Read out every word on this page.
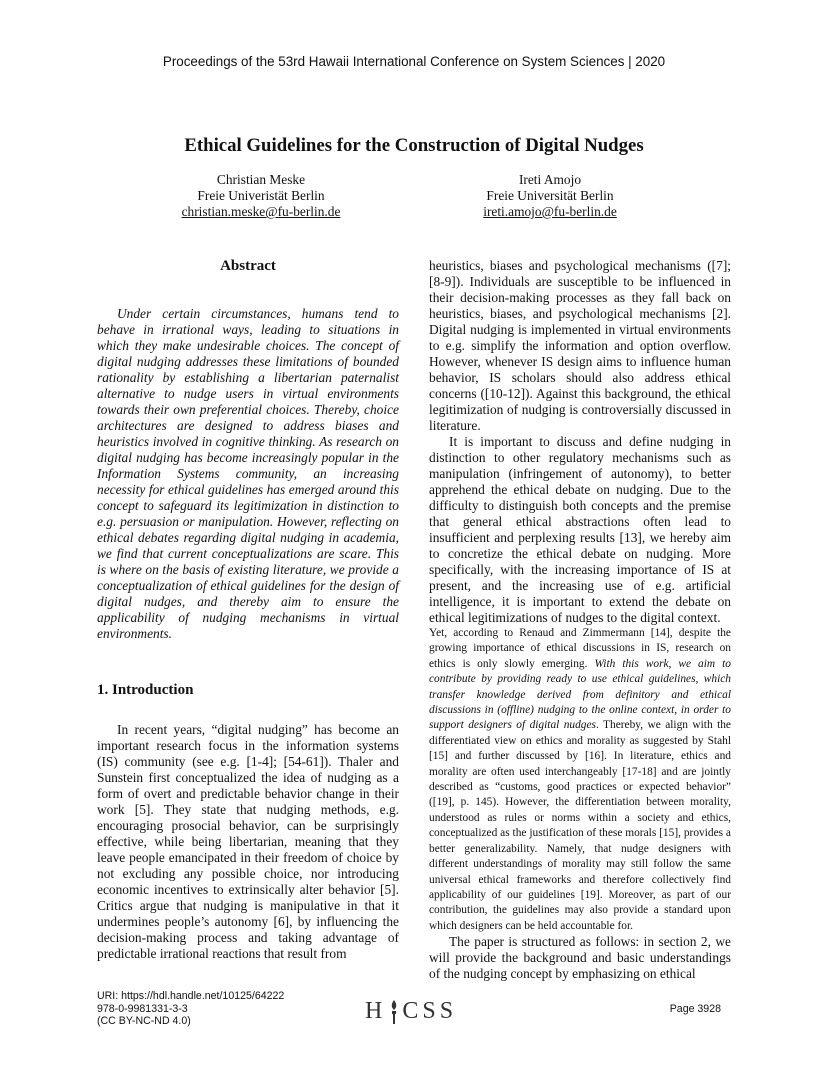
Proceedings of the 53rd Hawaii International Conference on System Sciences | 2020
Ethical Guidelines for the Construction of Digital Nudges
Christian Meske
Freie Univeristät Berlin
christian.meske@fu-berlin.de
Ireti Amojo
Freie Universität Berlin
ireti.amojo@fu-berlin.de
Abstract

Under certain circumstances, humans tend to behave in irrational ways, leading to situations in which they make undesirable choices. The concept of digital nudging addresses these limitations of bounded rationality by establishing a libertarian paternalist alternative to nudge users in virtual environments towards their own preferential choices. Thereby, choice architectures are designed to address biases and heuristics involved in cognitive thinking. As research on digital nudging has become increasingly popular in the Information Systems community, an increasing necessity for ethical guidelines has emerged around this concept to safeguard its legitimization in distinction to e.g. persuasion or manipulation. However, reflecting on ethical debates regarding digital nudging in academia, we find that current conceptualizations are scare. This is where on the basis of existing literature, we provide a conceptualization of ethical guidelines for the design of digital nudges, and thereby aim to ensure the applicability of nudging mechanisms in virtual environments.

1. Introduction

In recent years, “digital nudging” has become an important research focus in the information systems (IS) community (see e.g. [1-4]; [54-61]). Thaler and Sunstein first conceptualized the idea of nudging as a form of overt and predictable behavior change in their work [5]. They state that nudging methods, e.g. encouraging prosocial behavior, can be surprisingly effective, while being libertarian, meaning that they leave people emancipated in their freedom of choice by not excluding any possible choice, nor introducing economic incentives to extrinsically alter behavior [5]. Critics argue that nudging is manipulative in that it undermines people’s autonomy [6], by influencing the decision-making process and taking advantage of predictable irrational reactions that result from

heuristics, biases and psychological mechanisms ([7]; [8-9]). Individuals are susceptible to be influenced in their decision-making processes as they fall back on heuristics, biases, and psychological mechanisms [2]. Digital nudging is implemented in virtual environments to e.g. simplify the information and option overflow. However, whenever IS design aims to influence human behavior, IS scholars should also address ethical concerns ([10-12]). Against this background, the ethical legitimization of nudging is controversially discussed in literature.

It is important to discuss and define nudging in distinction to other regulatory mechanisms such as manipulation (infringement of autonomy), to better apprehend the ethical debate on nudging. Due to the difficulty to distinguish both concepts and the premise that general ethical abstractions often lead to insufficient and perplexing results [13], we hereby aim to concretize the ethical debate on nudging. More specifically, with the increasing importance of IS at present, and the increasing use of e.g. artificial intelligence, it is important to extend the debate on ethical legitimizations of nudges to the digital context.

Yet, according to Renaud and Zimmermann [14], despite the growing importance of ethical discussions in IS, research on ethics is only slowly emerging. With this work, we aim to contribute by providing ready to use ethical guidelines, which transfer knowledge derived from definitory and ethical discussions in (offline) nudging to the online context, in order to support designers of digital nudges. Thereby, we align with the differentiated view on ethics and morality as suggested by Stahl [15] and further discussed by [16]. In literature, ethics and morality are often used interchangeably [17-18] and are jointly described as “customs, good practices or expected behavior” ([19], p. 145). However, the differentiation between morality, understood as rules or norms within a society and ethics, conceptualized as the justification of these morals [15], provides a better generalizability. Namely, that nudge designers with different understandings of morality may still follow the same universal ethical frameworks and therefore collectively find applicability of our guidelines [19]. Moreover, as part of our contribution, the guidelines may also provide a standard upon which designers can be held accountable for.

The paper is structured as follows: in section 2, we will provide the background and basic understandings of the nudging concept by emphasizing on ethical

URI: https://hdl.handle.net/10125/64222
978-0-9981331-3-3
(CC BY-NC-ND 4.0)	H CSS	Page 3928
